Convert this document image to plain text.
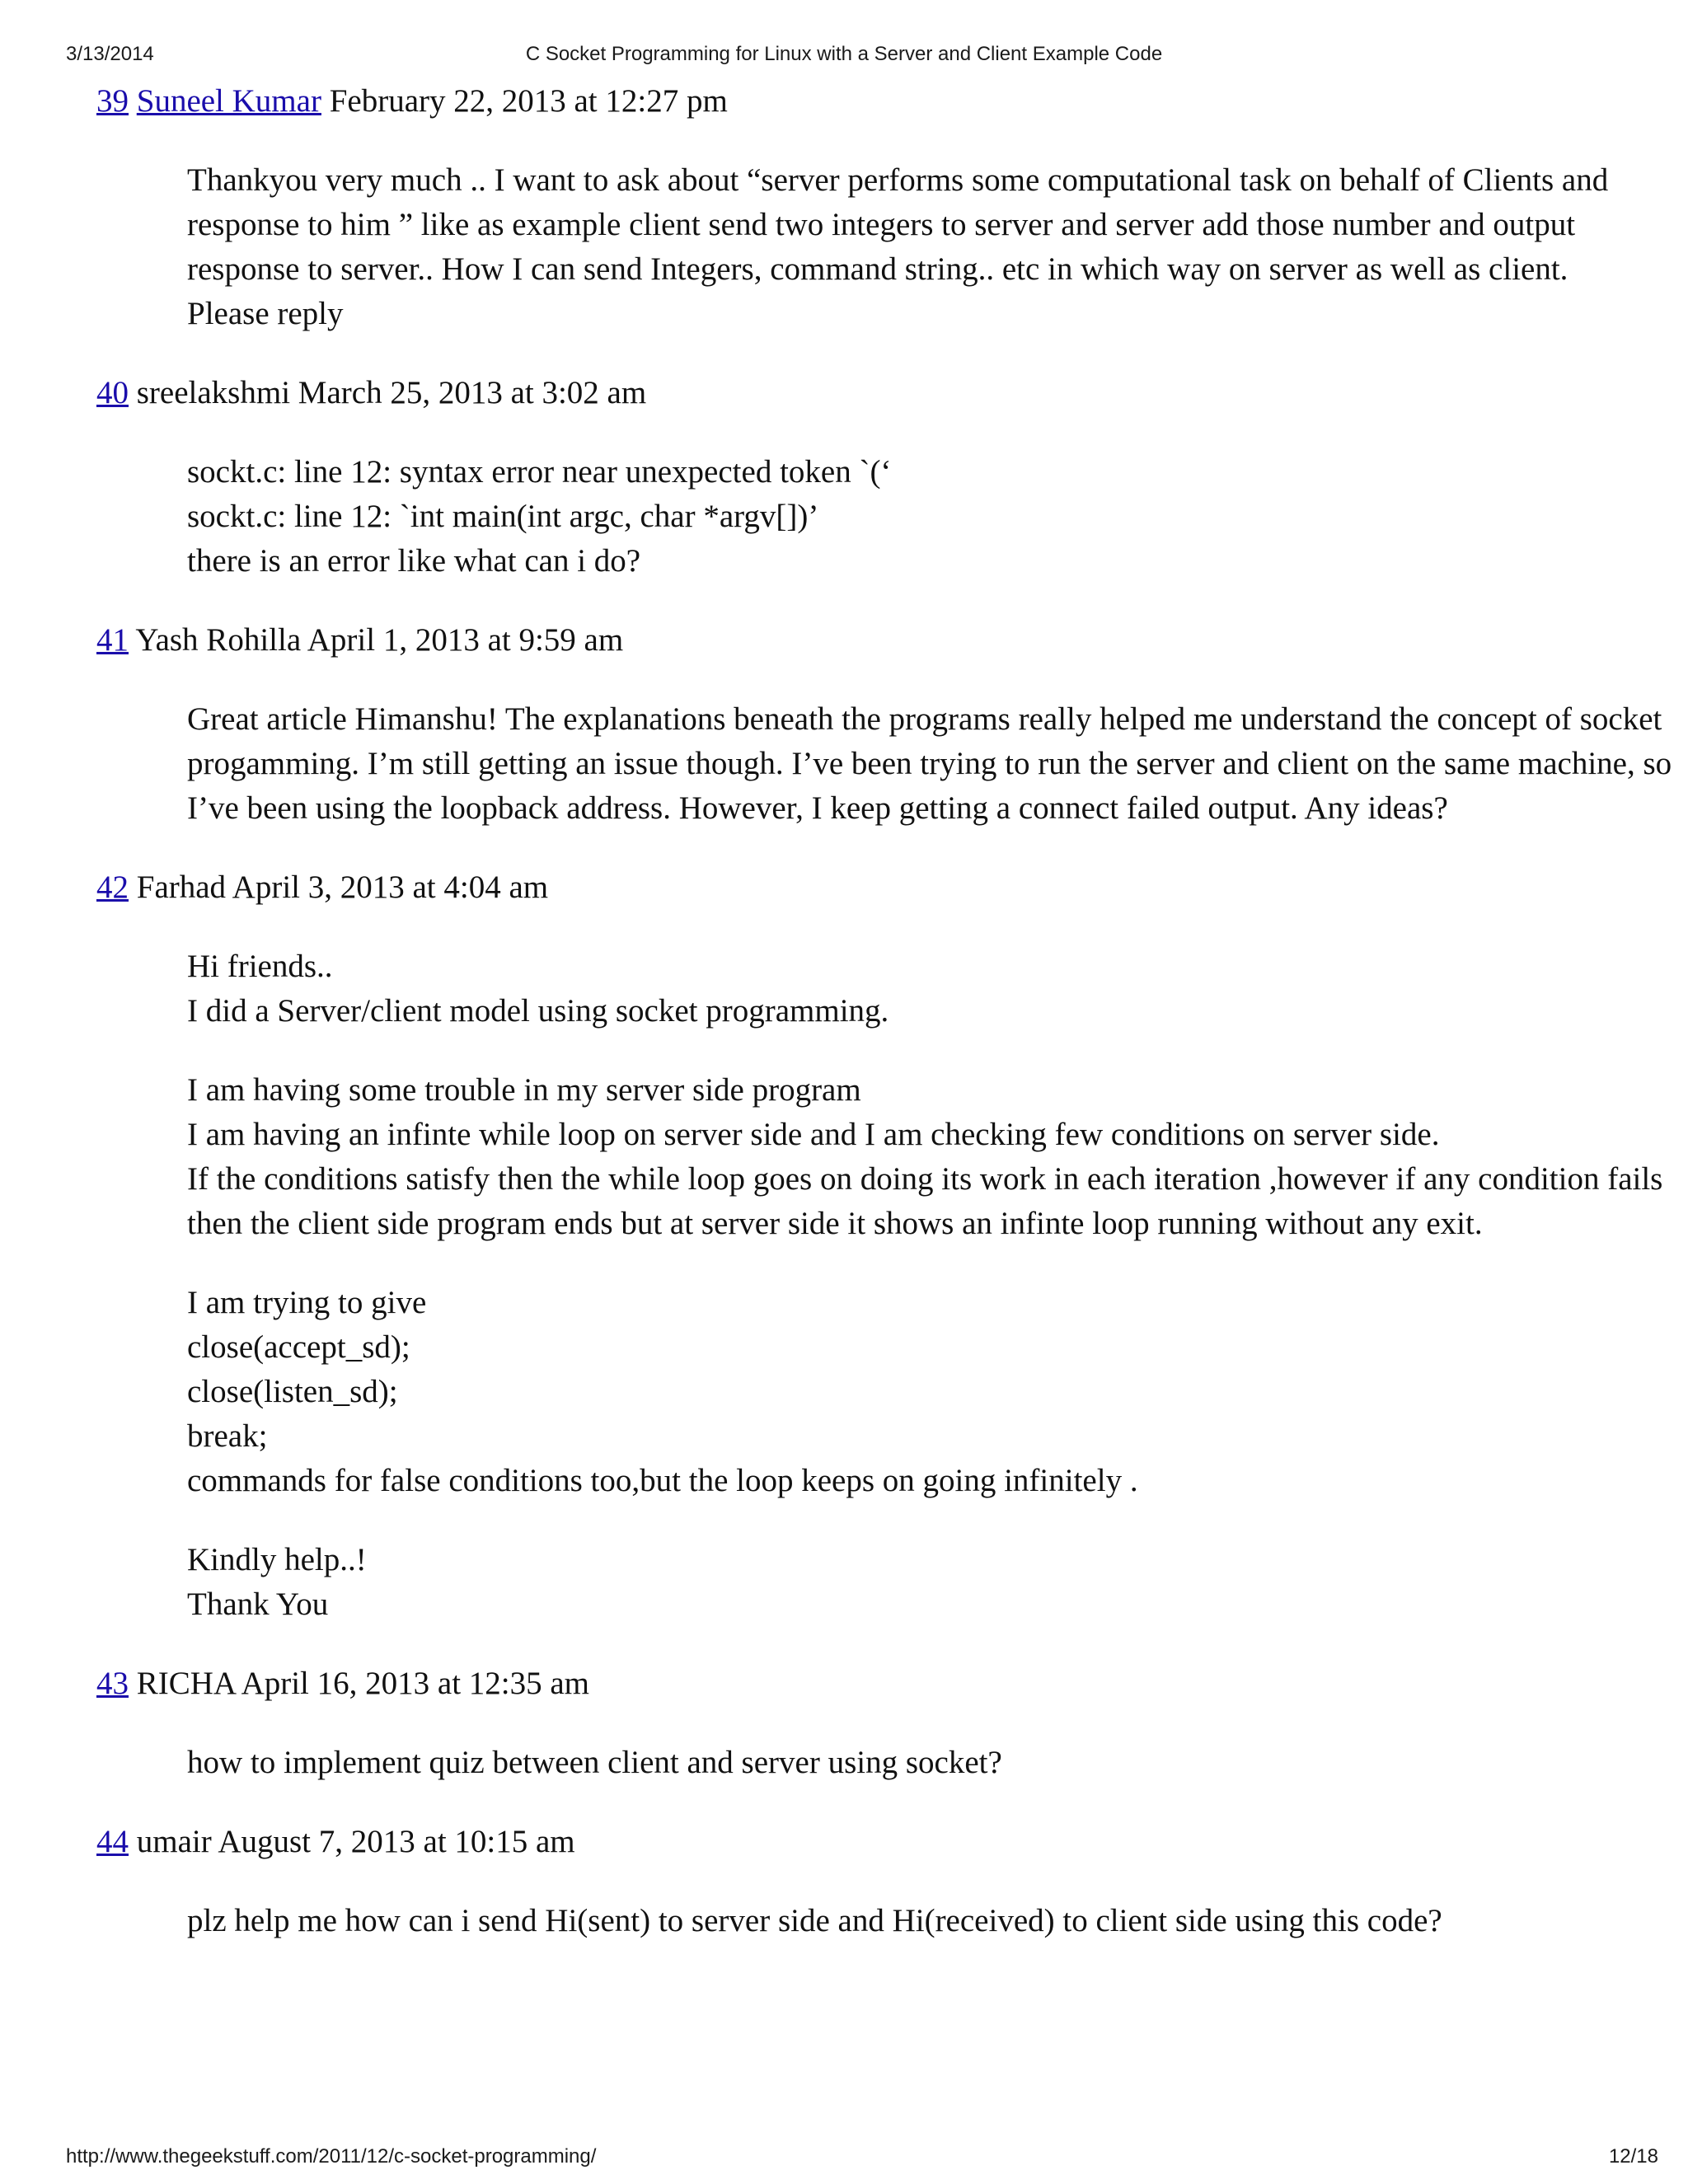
3/13/2014	C Socket Programming for Linux with a Server and Client Example Code
39 Suneel Kumar February 22, 2013 at 12:27 pm

Thankyou very much .. I want to ask about “server performs some computational task on behalf of Clients and response to him ” like as example client send two integers to server and server add those number and output response to server.. How I can send Integers, command string.. etc in which way on server as well as client.
Please reply

40 sreelakshmi March 25, 2013 at 3:02 am

sockt.c: line 12: syntax error near unexpected token `(‘
sockt.c: line 12: `int main(int argc, char *argv[])’
there is an error like what can i do?

41 Yash Rohilla April 1, 2013 at 9:59 am

Great article Himanshu! The explanations beneath the programs really helped me understand the concept of socket progamming. I’m still getting an issue though. I’ve been trying to run the server and client on the same machine, so I’ve been using the loopback address. However, I keep getting a connect failed output. Any ideas?

42 Farhad April 3, 2013 at 4:04 am

Hi friends..
I did a Server/client model using socket programming.

I am having some trouble in my server side program
I am having an infinte while loop on server side and I am checking few conditions on server side.
If the conditions satisfy then the while loop goes on doing its work in each iteration ,however if any condition fails then the client side program ends but at server side it shows an infinte loop running without any exit.

I am trying to give
close(accept_sd);
close(listen_sd);
break;
commands for false conditions too,but the loop keeps on going infinitely .

Kindly help..!
Thank You

43 RICHA April 16, 2013 at 12:35 am

how to implement quiz between client and server using socket?

44 umair August 7, 2013 at 10:15 am

plz help me how can i send Hi(sent) to server side and Hi(received) to client side using this code?

http://www.thegeekstuff.com/2011/12/c-socket-programming/	12/18
